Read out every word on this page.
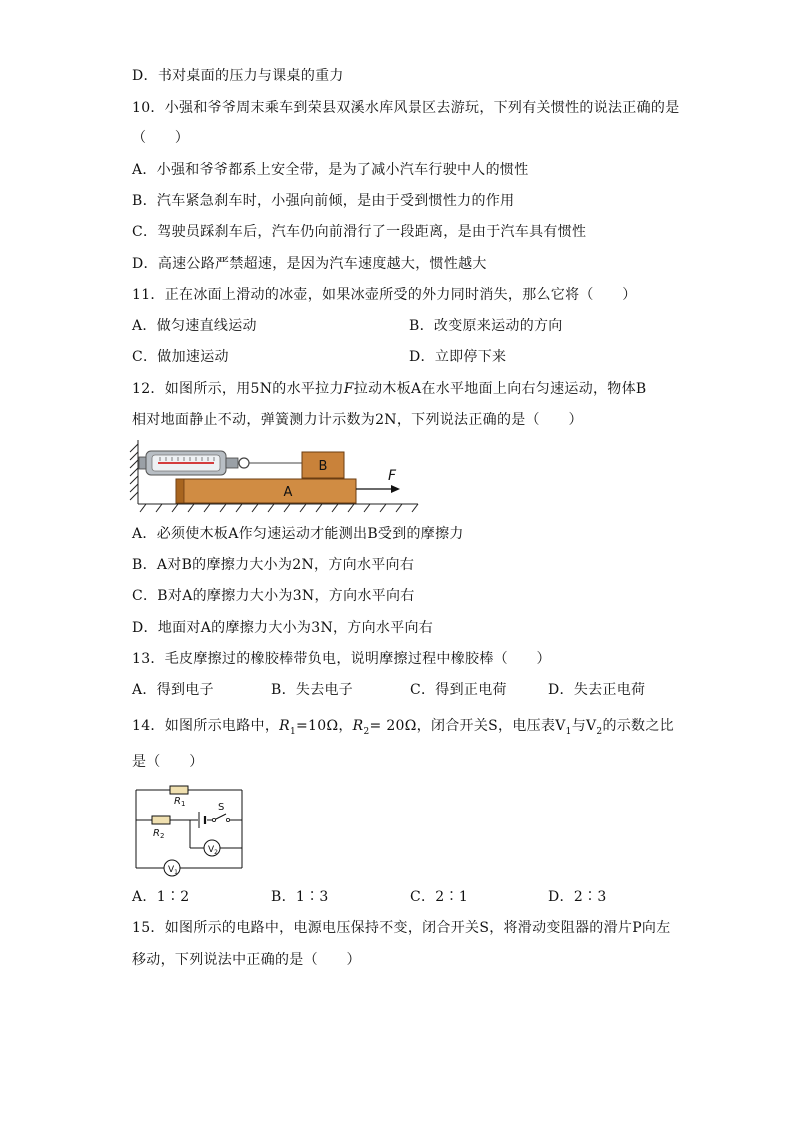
D．书对桌面的压力与课桌的重力
10．小强和爷爷周末乘车到荣县双溪水库风景区去游玩，下列有关惯性的说法正确的是
（　　）
A．小强和爷爷都系上安全带，是为了减小汽车行驶中人的惯性
B．汽车紧急刹车时，小强向前倾，是由于受到惯性力的作用
C．驾驶员踩刹车后，汽车仍向前滑行了一段距离，是由于汽车具有惯性
D．高速公路严禁超速，是因为汽车速度越大，惯性越大
11．正在冰面上滑动的冰壶，如果冰壶所受的外力同时消失，那么它将（　　）
A．做匀速直线运动	B．改变原来运动的方向
C．做加速运动	D．立即停下来
12．如图所示，用5N的水平拉力F拉动木板A在水平地面上向右匀速运动，物体B
相对地面静止不动，弹簧测力计示数为2N，下列说法正确的是（　　）
B
A
F
A．必须使木板A作匀速运动才能测出B受到的摩擦力
B．A对B的摩擦力大小为2N，方向水平向右
C．B对A的摩擦力大小为3N，方向水平向右
D．地面对A的摩擦力大小为3N，方向水平向右
13．毛皮摩擦过的橡胶棒带负电，说明摩擦过程中橡胶棒（　　）
A．得到电子	B．失去电子	C．得到正电荷	D．失去正电荷
14．如图所示电路中，$R_1=10\Omega$，$R_2= 20\Omega$，闭合开关S，电压表$V_1$与$V_2$的示数之比
是（　　）
$R_1$
$R_2$
S
$V_2$
$V_1$
A．1∶2	B．1∶3	C．2∶1	D．2∶3
15．如图所示的电路中，电源电压保持不变，闭合开关S，将滑动变阻器的滑片P向左
移动，下列说法中正确的是（　　）
